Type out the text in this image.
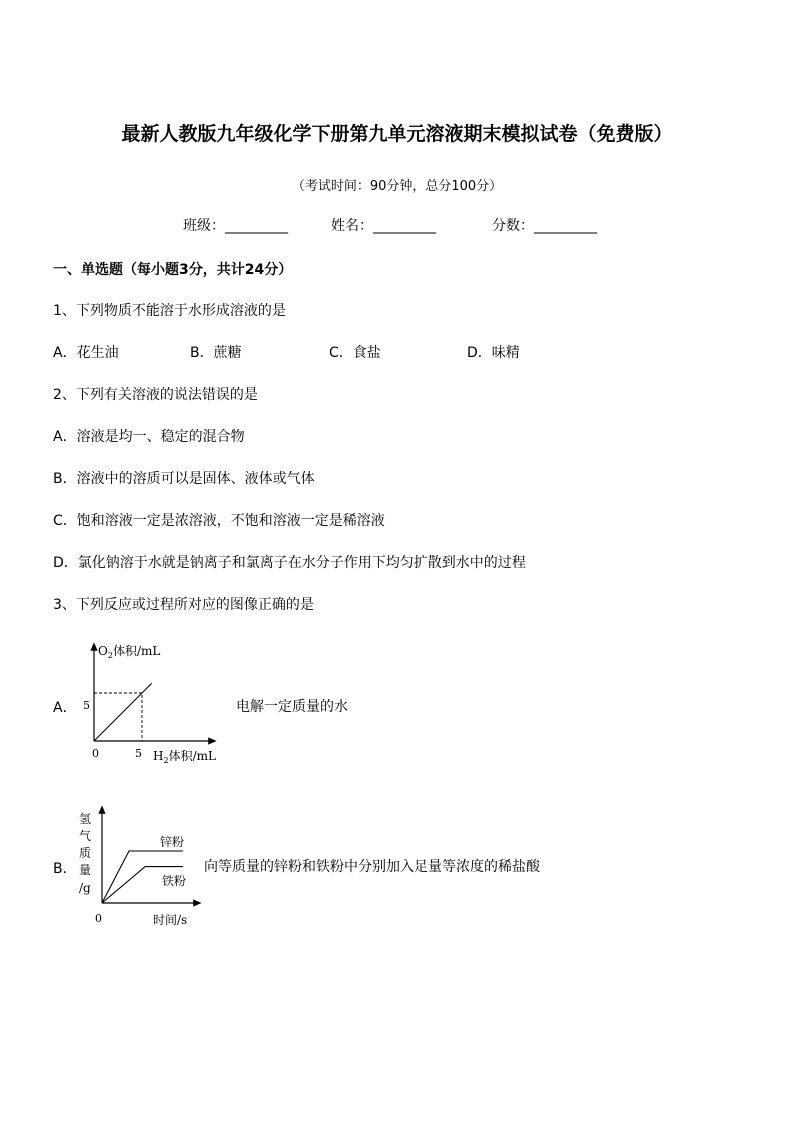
最新人教版九年级化学下册第九单元溶液期末模拟试卷（免费版）
（考试时间：90分钟，总分100分）
班级：_________	姓名：_________	分数：_________
一、单选题（每小题3分，共计24分）
1、下列物质不能溶于水形成溶液的是
A．花生油	B．蔗糖	C．食盐	D．味精
2、下列有关溶液的说法错误的是
A．溶液是均一、稳定的混合物
B．溶液中的溶质可以是固体、液体或气体
C．饱和溶液一定是浓溶液，不饱和溶液一定是稀溶液
D．氯化钠溶于水就是钠离子和氯离子在水分子作用下均匀扩散到水中的过程
3、下列反应或过程所对应的图像正确的是
A．	电解一定质量的水
$O_2$体积/mL
5
0	5 $H_2$体积/mL
B．	向等质量的锌粉和铁粉中分别加入足量等浓度的稀盐酸
氢
气
质
量
/g
锌粉
铁粉
0	时间/s
